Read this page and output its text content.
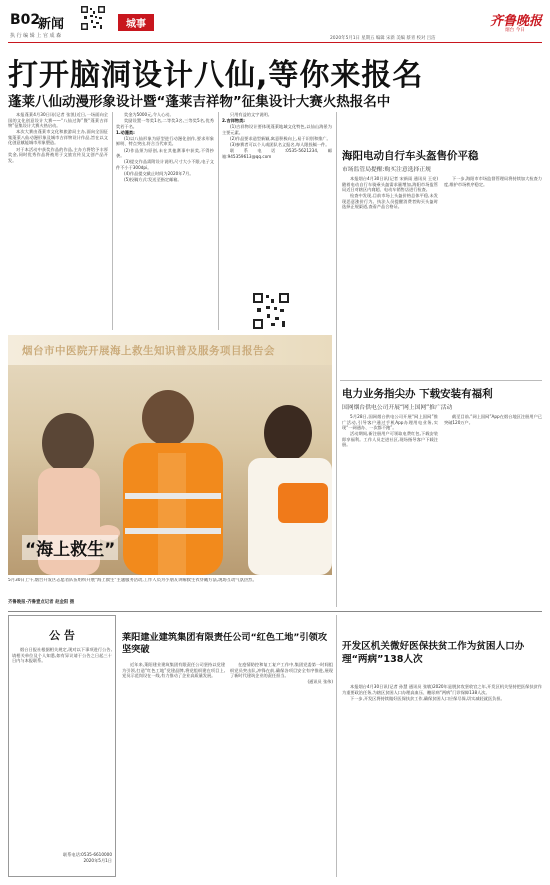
B02
新闻
执 行 编 辑 上 官 成 森
城事	齐鲁晚报
烟台 今日
2020年5月1日 星期五 编辑 宋新 美编 蔡青 校对 吕洁
打开脑洞设计八仙,等你来报名
蓬莱八仙动漫形象设计暨“蓬莱吉祥物”征集设计大赛火热报名中

本报蓬莱4月30日讯(记者 张凯)近日,一场面向全国的文化创意设计大赛——“八仙过海”暨“蓬莱吉祥物”征集设计大赛火热启动。

本次大赛由蓬莱市文化和旅游局主办,面向全国征集蓬莱八仙动漫形象及城市吉祥物设计作品,旨在以文化创意赋能城市形象塑造。

对于本活动中获奖作品的作品,主办方将给予丰厚奖金,同时优秀作品将被用于文旅宣传及文创产品开发。

奖金为5000元,令人心动。

奖励设置一等奖1名,二等奖3名,三等奖5名,优秀奖若干名。

1.动漫类:

(1)以八仙形象为原型进行动漫化创作,要求形象鲜明、特点突出,符合当代审美。

(2)作品须为原创,未在其他赛事中获奖,不得抄袭。

(3)提交作品需附设计说明,尺寸大小不限,电子文件不小于300dpi。

(4)作品提交截止时间为2020年7月。

(5)投稿方式:发送至指定邮箱。

只用有益的文字说明。

2.吉祥物类:

(1)吉祥物设计要体现蓬莱地域文化特色,以仙山海景为主要元素。

(2)作品要求造型新颖,寓意积极向上,易于识别和推广。

(3)参赛者可以个人或团队名义报名,每人限投稿一件。

联系电话:0535-5621234,邮箱:945359613@qq.com

烟台市中医院开展海上救生知识普及服务项目报告会
“海上救生”
5月30日上午,烟台开发区志愿者队伍组织开展“海上救生”主题服务活动,工作人员为小朋友讲解救生衣穿戴方法,现场互动气氛热烈。
齐鲁晚报·齐鲁壹点记者 赵金阳 摄
海阳电动自行车头盔售价平稳
市场监管局提醒:购买注意选择正规

本报烟台4月30日讯(记者 宋新雨 通讯员 王亮)随着电动自行车骑乘头盔需求量增加,海阳市场监管局近日对辖区内商超、电动车销售店进行检查。

检查中发现,目前市场上头盔价格总体平稳,未发现恶意涨价行为。执法人员提醒消费者购买头盔时选择正规渠道,查看产品合格证。

下一步,海阳市市场监督管理局将持续加大检查力度,维护市场秩序稳定。

电力业务指尖办 下载安装有福利
国网烟台供电公司开展“网上国网”推广活动

5月28日,国网烟台供电公司开展“网上国网”推广活动,引导客户通过手机App办理用电业务,实现“一网通办、一次都不跑”。

活动期间,新注册用户可领取电费红包,下载安装即享福利。工作人员走进社区,现场指导客户下载注册。

截至目前,“网上国网”App在烟台地区注册用户已突破120万户。

公 告
烟台日报社根据相关规定,现对以下事项进行公告,请相关单位及个人知悉,如有异议请于公告之日起三十日内与本报联系。
联系电话:0535-6610000
2020年5月1日
莱阳建业建筑集团有限责任公司“红色工地”引领攻坚突破

近年来,莱阳建业建筑集团有限责任公司坚持以党建为引领,打造“红色工地”党建品牌,将党组织建在项目上,党员示范岗设在一线,有力推动了企业高质量发展。

在疫情防控和复工复产工作中,集团党委第一时间组织党员突击队,冲锋在前,确保各项目安全有序推进,展现了新时代建筑企业的责任担当。

(通讯员 张伟)

开发区机关微好医保扶贫工作为贫困人口办理“两病”138人次

本报烟台4月30日讯(记者 孙慧 通讯员 张敏)2020年是脱贫攻坚收官之年,开发区机关坚持把医保扶贫作为重要政治任务,为辖区贫困人口办理高血压、糖尿病“两病”门诊保障138人次。

下一步,开发区将持续做好医保扶贫工作,确保贫困人口应保尽保,切实减轻就医负担。
